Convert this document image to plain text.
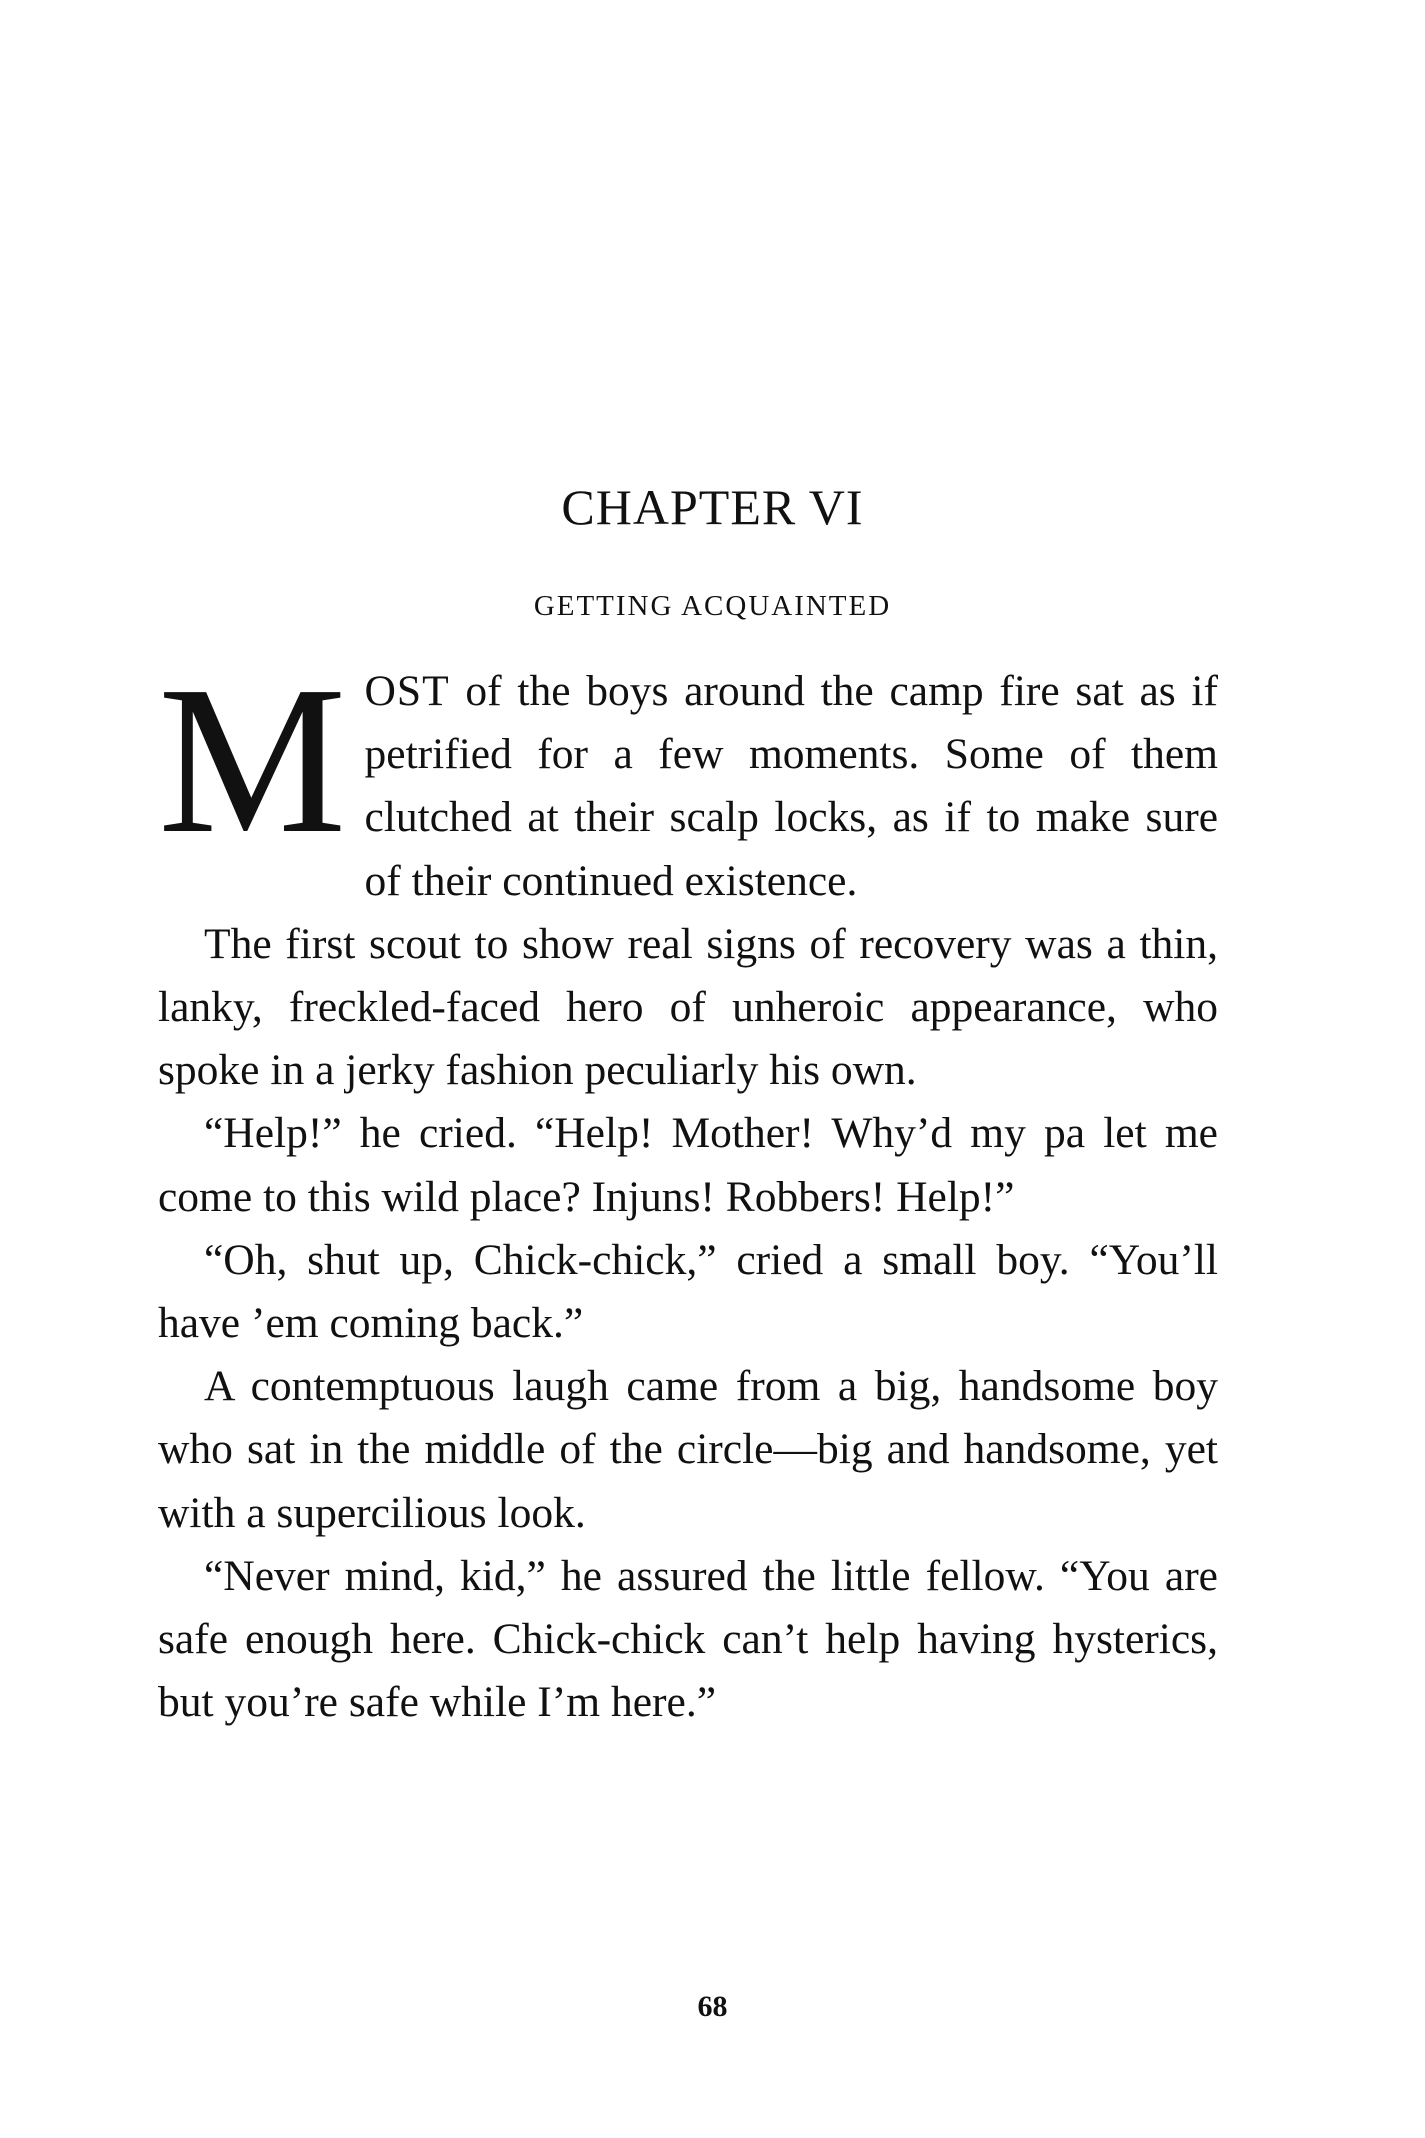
CHAPTER VI
GETTING ACQUAINTED

MOST of the boys around the camp fire sat as if petrified for a few moments. Some of them clutched at their scalp locks, as if to make sure of their continued existence.

The first scout to show real signs of recovery was a thin, lanky, freckled-faced hero of unheroic appearance, who spoke in a jerky fashion peculiarly his own.

“Help!” he cried. “Help! Mother! Why’d my pa let me come to this wild place? Injuns! Robbers! Help!”

“Oh, shut up, Chick-chick,” cried a small boy. “You’ll have ’em coming back.”

A contemptuous laugh came from a big, handsome boy who sat in the middle of the circle—big and handsome, yet with a supercilious look.

“Never mind, kid,” he assured the little fellow. “You are safe enough here. Chick-chick can’t help having hysterics, but you’re safe while I’m here.”

68
